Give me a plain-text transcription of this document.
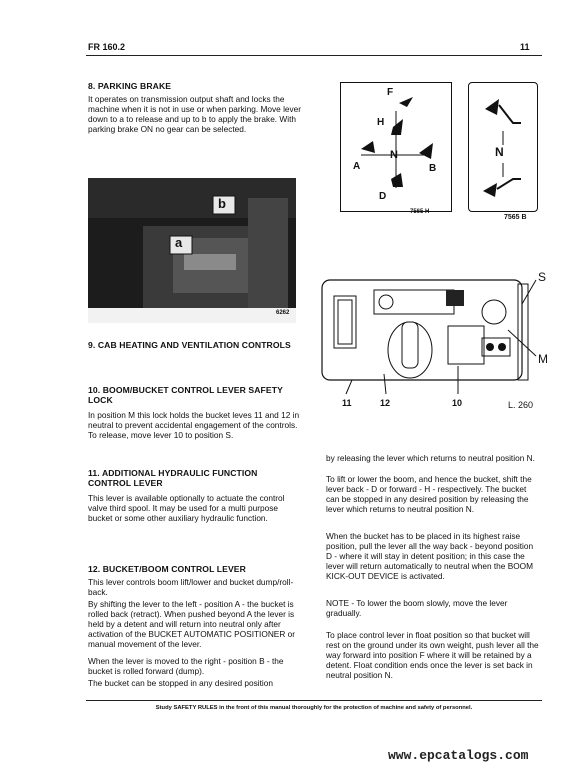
FR 160.2	11
8. PARKING BRAKE
It operates on transmission output shaft and locks the machine when it is not in use or when parking. Move lever down to a to release and up to b to apply the brake. With parking brake ON no gear can be selected.
b
a
6262
F
H
N
A	B
D
7565 H
N
7565 B
S
M
11	12	10	L. 260
9. CAB HEATING AND VENTILATION CONTROLS
10. BOOM/BUCKET CONTROL LEVER SAFETY LOCK
In position M this lock holds the bucket leves 11 and 12 in neutral to prevent accidental engagement of the controls. To release, move lever 10 to position S.
11. ADDITIONAL HYDRAULIC FUNCTION CONTROL LEVER
This lever is available optionally to actuate the control valve third spool. It may be used for a multi purpose bucket or some other auxiliary hydraulic function.
12. BUCKET/BOOM CONTROL LEVER
This lever controls boom lift/lower and bucket dump/roll-back.
By shifting the lever to the left - position A - the bucket is rolled back (retract). When pushed beyond A the lever is held by a detent and will return into neutral only after activation of the BUCKET AUTOMATIC POSITIONER or manual movement of the lever.
When the lever is moved to the right - position B - the bucket is rolled forward (dump).
The bucket can be stopped in any desired position
by releasing the lever which returns to neutral position N.
To lift or lower the boom, and hence the bucket, shift the lever back - D or forward - H - respectively. The bucket can be stopped in any desired position by releasing the lever which returns to neutral position N.
When the bucket has to be placed in its highest raise position, pull the lever all the way back - beyond position D - where it will stay in detent position; in this case the lever will return automatically to neutral when the BOOM KICK-OUT DEVICE is activated.
NOTE - To lower the boom slowly, move the lever gradually.
To place control lever in float position so that bucket will rest on the ground under its own weight, push lever all the way forward into position F where it will be retained by a detent. Float condition ends once the lever is set back in neutral position N.
Study SAFETY RULES in the front of this manual thoroughly for the protection of machine and safety of personnel.
www.epcatalogs.com
